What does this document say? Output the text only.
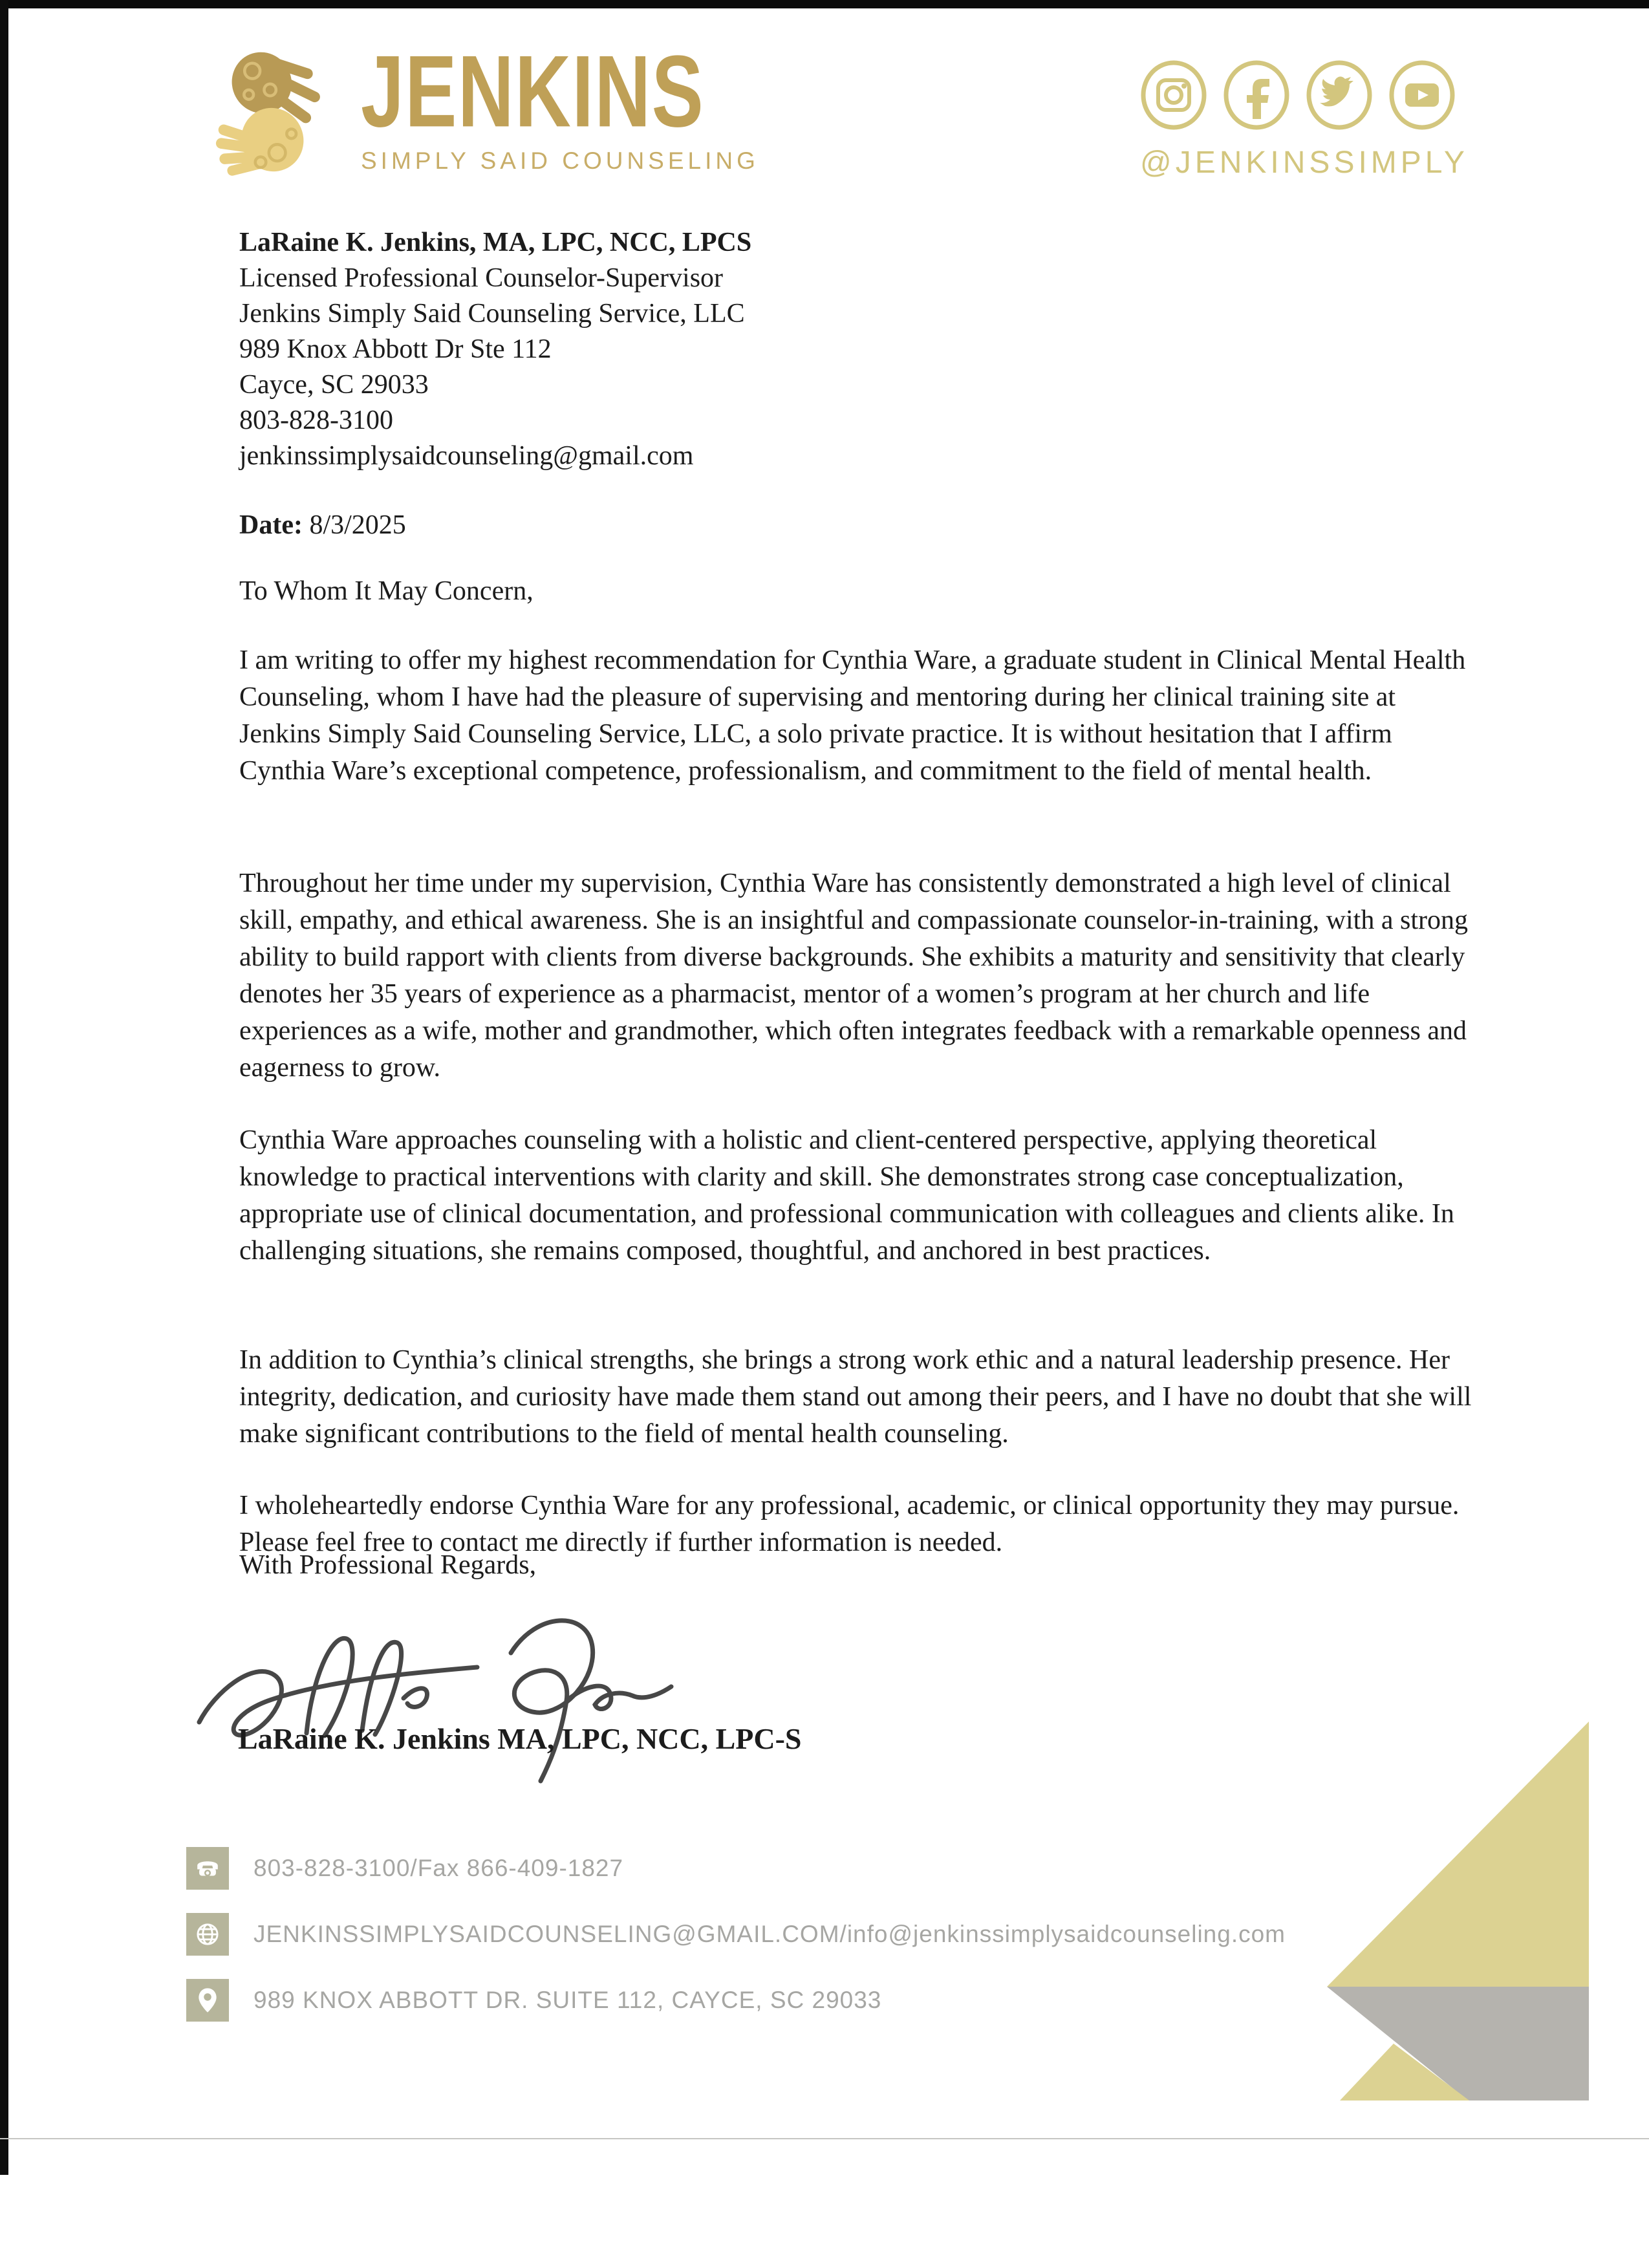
JENKINS
SIMPLY SAID COUNSELING	@JENKINSSIMPLY
LaRaine K. Jenkins, MA, LPC, NCC, LPCS
Licensed Professional Counselor-Supervisor
Jenkins Simply Said Counseling Service, LLC
989 Knox Abbott Dr Ste 112
Cayce, SC 29033
803-828-3100
jenkinssimplysaidcounseling@gmail.com
Date: 8/3/2025
To Whom It May Concern,
I am writing to offer my highest recommendation for Cynthia Ware, a graduate student in Clinical Mental Health Counseling, whom I have had the pleasure of supervising and mentoring during her clinical training site at Jenkins Simply Said Counseling Service, LLC, a solo private practice. It is without hesitation that I affirm Cynthia Ware’s exceptional competence, professionalism, and commitment to the field of mental health.
Throughout her time under my supervision, Cynthia Ware has consistently demonstrated a high level of clinical skill, empathy, and ethical awareness. She is an insightful and compassionate counselor-in-training, with a strong ability to build rapport with clients from diverse backgrounds. She exhibits a maturity and sensitivity that clearly denotes her 35 years of experience as a pharmacist, mentor of a women’s program at her church and life experiences as a wife, mother and grandmother, which often integrates feedback with a remarkable openness and eagerness to grow.
Cynthia Ware approaches counseling with a holistic and client-centered perspective, applying theoretical knowledge to practical interventions with clarity and skill. She demonstrates strong case conceptualization, appropriate use of clinical documentation, and professional communication with colleagues and clients alike. In challenging situations, she remains composed, thoughtful, and anchored in best practices.
In addition to Cynthia’s clinical strengths, she brings a strong work ethic and a natural leadership presence. Her integrity, dedication, and curiosity have made them stand out among their peers, and I have no doubt that she will make significant contributions to the field of mental health counseling.
I wholeheartedly endorse Cynthia Ware for any professional, academic, or clinical opportunity they may pursue. Please feel free to contact me directly if further information is needed.
With Professional Regards,
LaRaine K. Jenkins MA, LPC, NCC, LPC-S
803-828-3100/Fax 866-409-1827
JENKINSSIMPLYSAIDCOUNSELING@GMAIL.COM/info@jenkinssimplysaidcounseling.com
989 KNOX ABBOTT DR. SUITE 112, CAYCE, SC 29033
